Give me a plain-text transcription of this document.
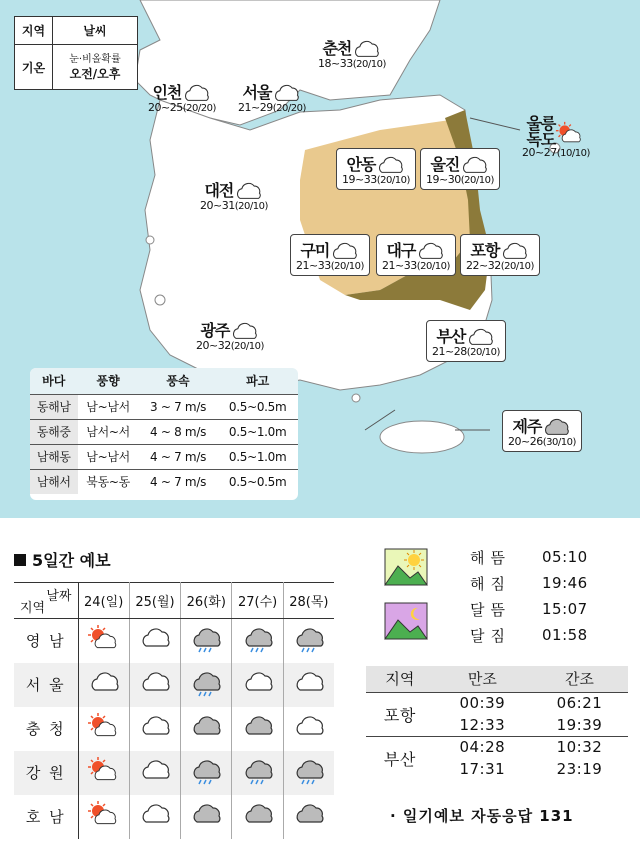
지역	날씨
기온
눈·비올확률
오전/오후
춘천
18~33(20/10)
인천
20~25(20/20)
서울
21~29(20/20)
울릉
독도
20~27(10/10)
안동
19~33(20/10)
울진
19~30(20/10)
대전
20~31(20/10)
구미
21~33(20/10)
대구
21~33(20/10)
포항
22~32(20/10)
광주
20~32(20/10)
부산
21~28(20/10)
제주
20~26(30/10)
바다	풍향	풍속	파고
동해남	남~남서	3 ~ 7 m/s	0.5~0.5m
동해중	남서~서	4 ~ 8 m/s	0.5~1.0m
남해동	남~남서	4 ~ 7 m/s	0.5~1.0m
남해서	북동~동	4 ~ 7 m/s	0.5~0.5m
5일간 예보
날짜
지역	24(일)	25(월)	26(화)	27(수)	28(목)
영 남					
서 울					
충 청					
강 원					
호 남					
해뜸	05:10
해짐	19:46
달뜸	15:07
달짐	01:58
지역	만조	간조
포항	00:39	06:21
	12:33	19:39
부산	04:28	10:32
	17:31	23:19
· 일기예보 자동응답 131
